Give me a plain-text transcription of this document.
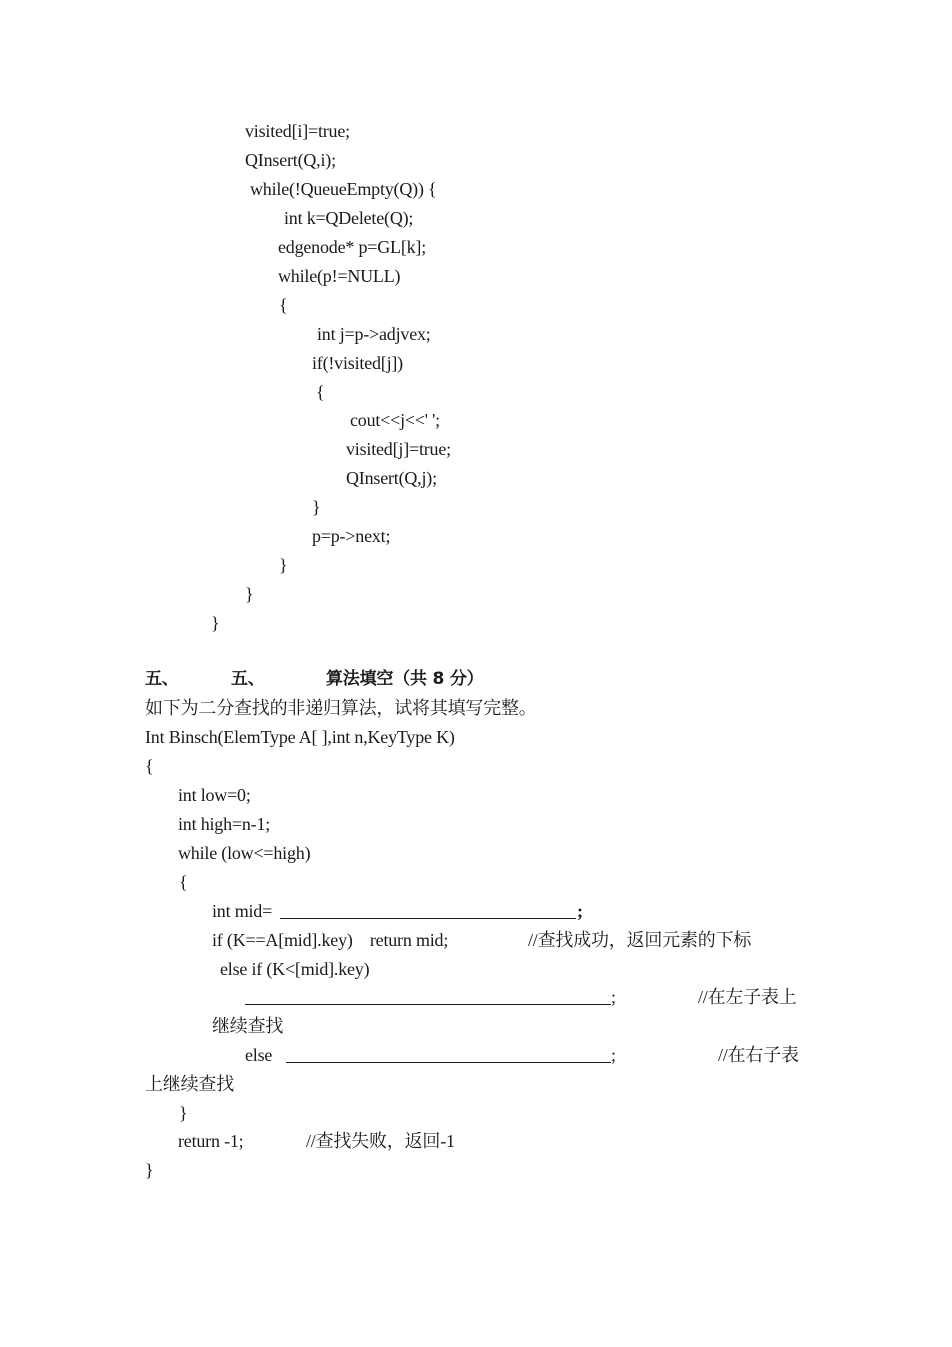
visited[i]=true;
QInsert(Q,i);
while(!QueueEmpty(Q)) {
int k=QDelete(Q);
edgenode* p=GL[k];
while(p!=NULL)
{
int j=p->adjvex;
if(!visited[j])
{
cout<<j<<' ';
visited[j]=true;
QInsert(Q,j);
}
p=p->next;
}
}
}
五、	五、	算法填空（共 8 分）
如下为二分查找的非递归算法，试将其填写完整。
Int Binsch(ElemType A[ ],int n,KeyType K)
{
int low=0;
int high=n-1;
while (low<=high)
{
int mid=	;
if (K==A[mid].key)    return mid;	//查找成功，返回元素的下标
else if (K<[mid].key)
;	//在左子表上
继续查找
else	;	//在右子表
上继续查找
}
return -1;	//查找失败，返回-1
}
